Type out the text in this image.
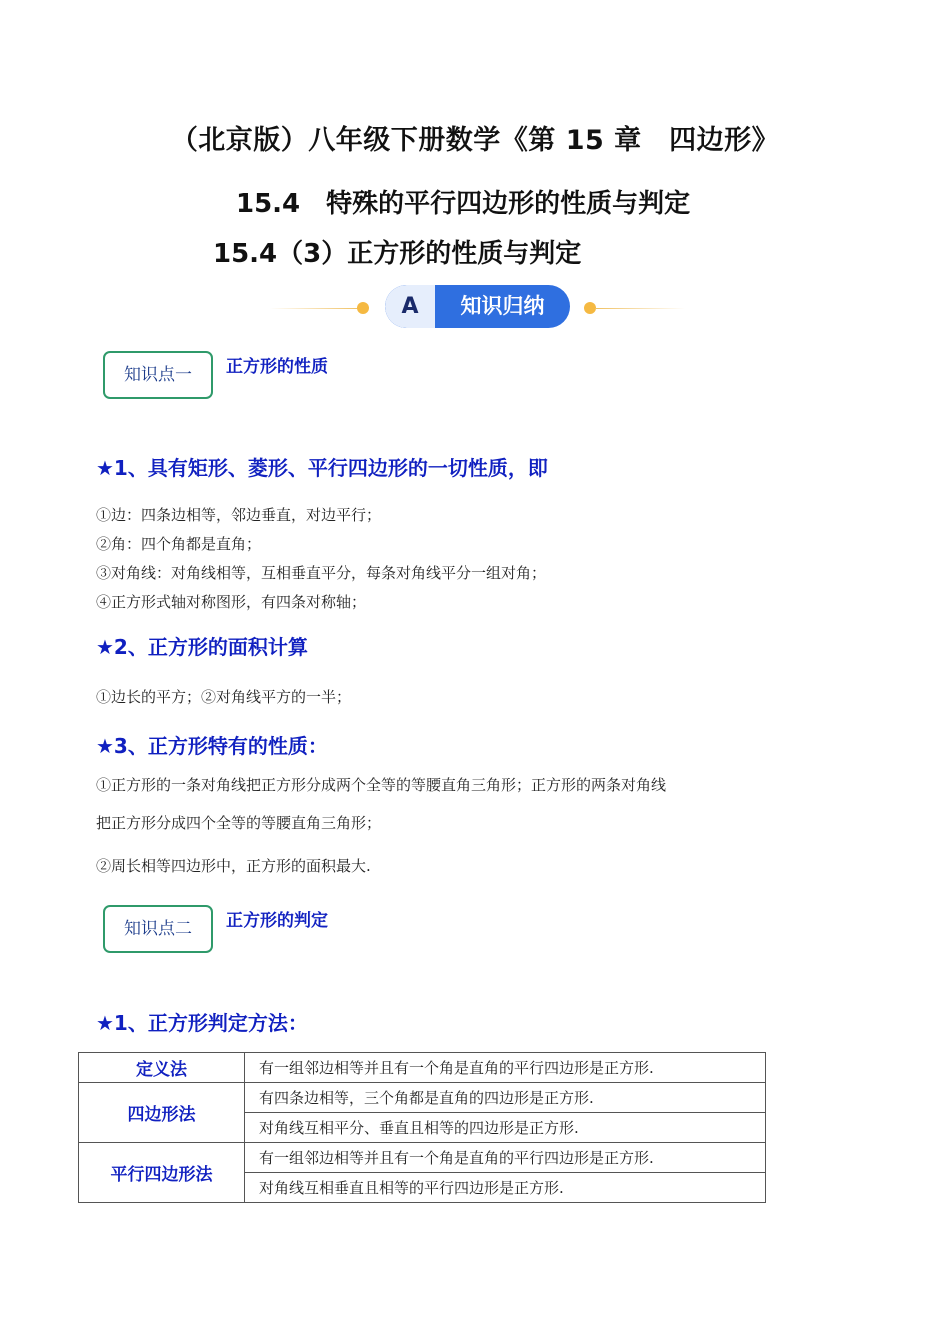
（北京版）八年级下册数学《第 15 章　四边形》
15.4　特殊的平行四边形的性质与判定
15.4（3）正方形的性质与判定
A	知识归纳
知识点一	正方形的性质
★1、具有矩形、菱形、平行四边形的一切性质，即
①边：四条边相等，邻边垂直，对边平行；
②角：四个角都是直角；
③对角线：对角线相等，互相垂直平分，每条对角线平分一组对角；
④正方形式轴对称图形，有四条对称轴；
★2、正方形的面积计算
①边长的平方；②对角线平方的一半；
★3、正方形特有的性质：
①正方形的一条对角线把正方形分成两个全等的等腰直角三角形；正方形的两条对角线
把正方形分成四个全等的等腰直角三角形；
②周长相等四边形中，正方形的面积最大.
知识点二	正方形的判定
★1、正方形判定方法：
定义法	有一组邻边相等并且有一个角是直角的平行四边形是正方形.
四边形法	有四条边相等，三个角都是直角的四边形是正方形.
	对角线互相平分、垂直且相等的四边形是正方形.
平行四边形法	有一组邻边相等并且有一个角是直角的平行四边形是正方形.
	对角线互相垂直且相等的平行四边形是正方形.
